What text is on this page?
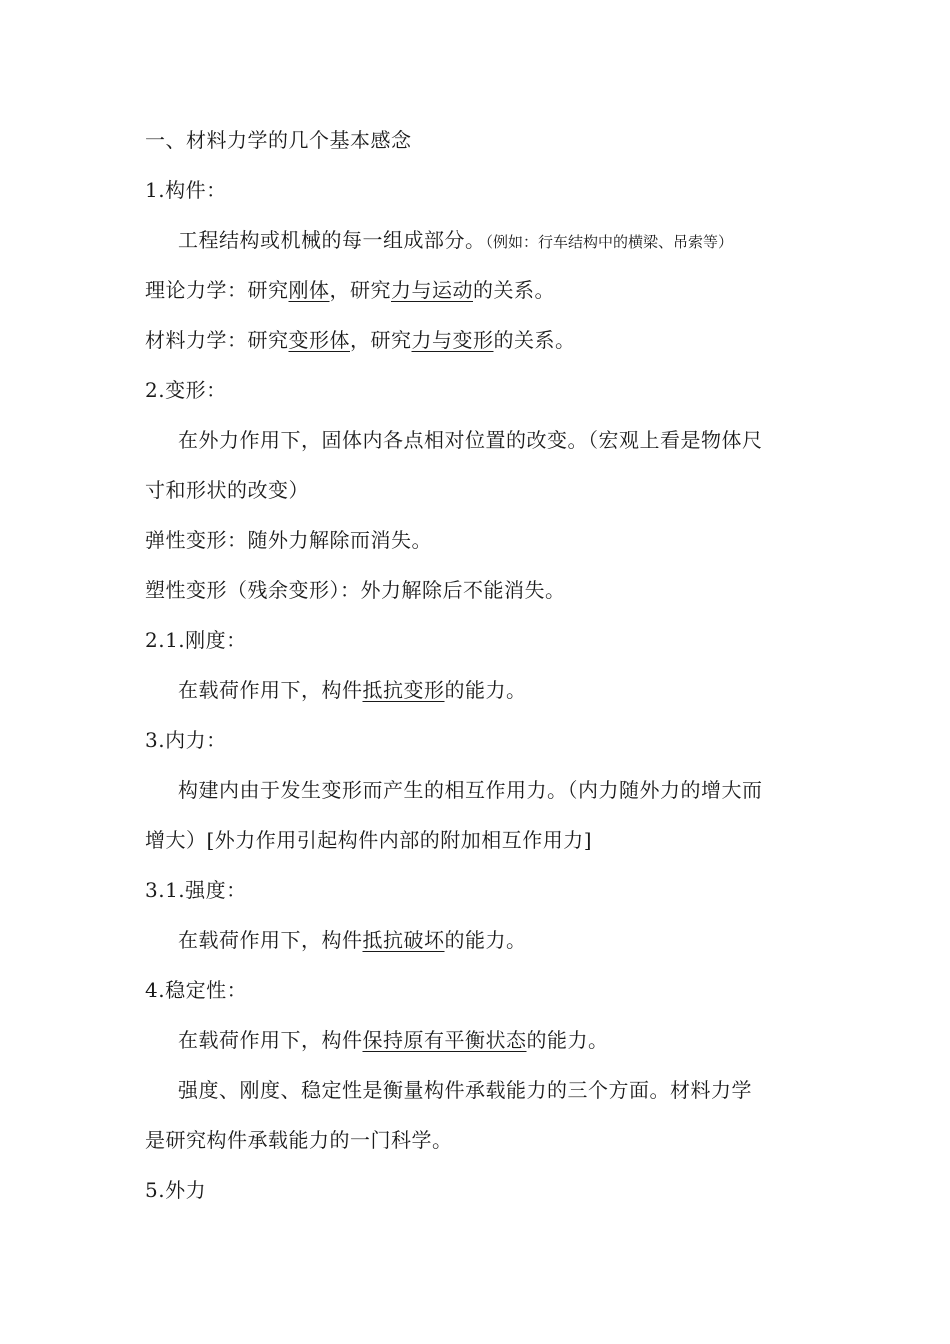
一、材料力学的几个基本感念
1.构件：
工程结构或机械的每一组成部分。（例如：行车结构中的横梁、吊索等）
理论力学：研究刚体，研究力与运动的关系。
材料力学：研究变形体，研究力与变形的关系。
2.变形：
在外力作用下，固体内各点相对位置的改变。（宏观上看是物体尺
寸和形状的改变）
弹性变形：随外力解除而消失。
塑性变形（残余变形）：外力解除后不能消失。
2.1.刚度：
在载荷作用下，构件抵抗变形的能力。
3.内力：
构建内由于发生变形而产生的相互作用力。（内力随外力的增大而
增大）[外力作用引起构件内部的附加相互作用力]
3.1.强度：
在载荷作用下，构件抵抗破坏的能力。
4.稳定性：
在载荷作用下，构件保持原有平衡状态的能力。
强度、刚度、稳定性是衡量构件承载能力的三个方面。材料力学
是研究构件承载能力的一门科学。
5.外力
